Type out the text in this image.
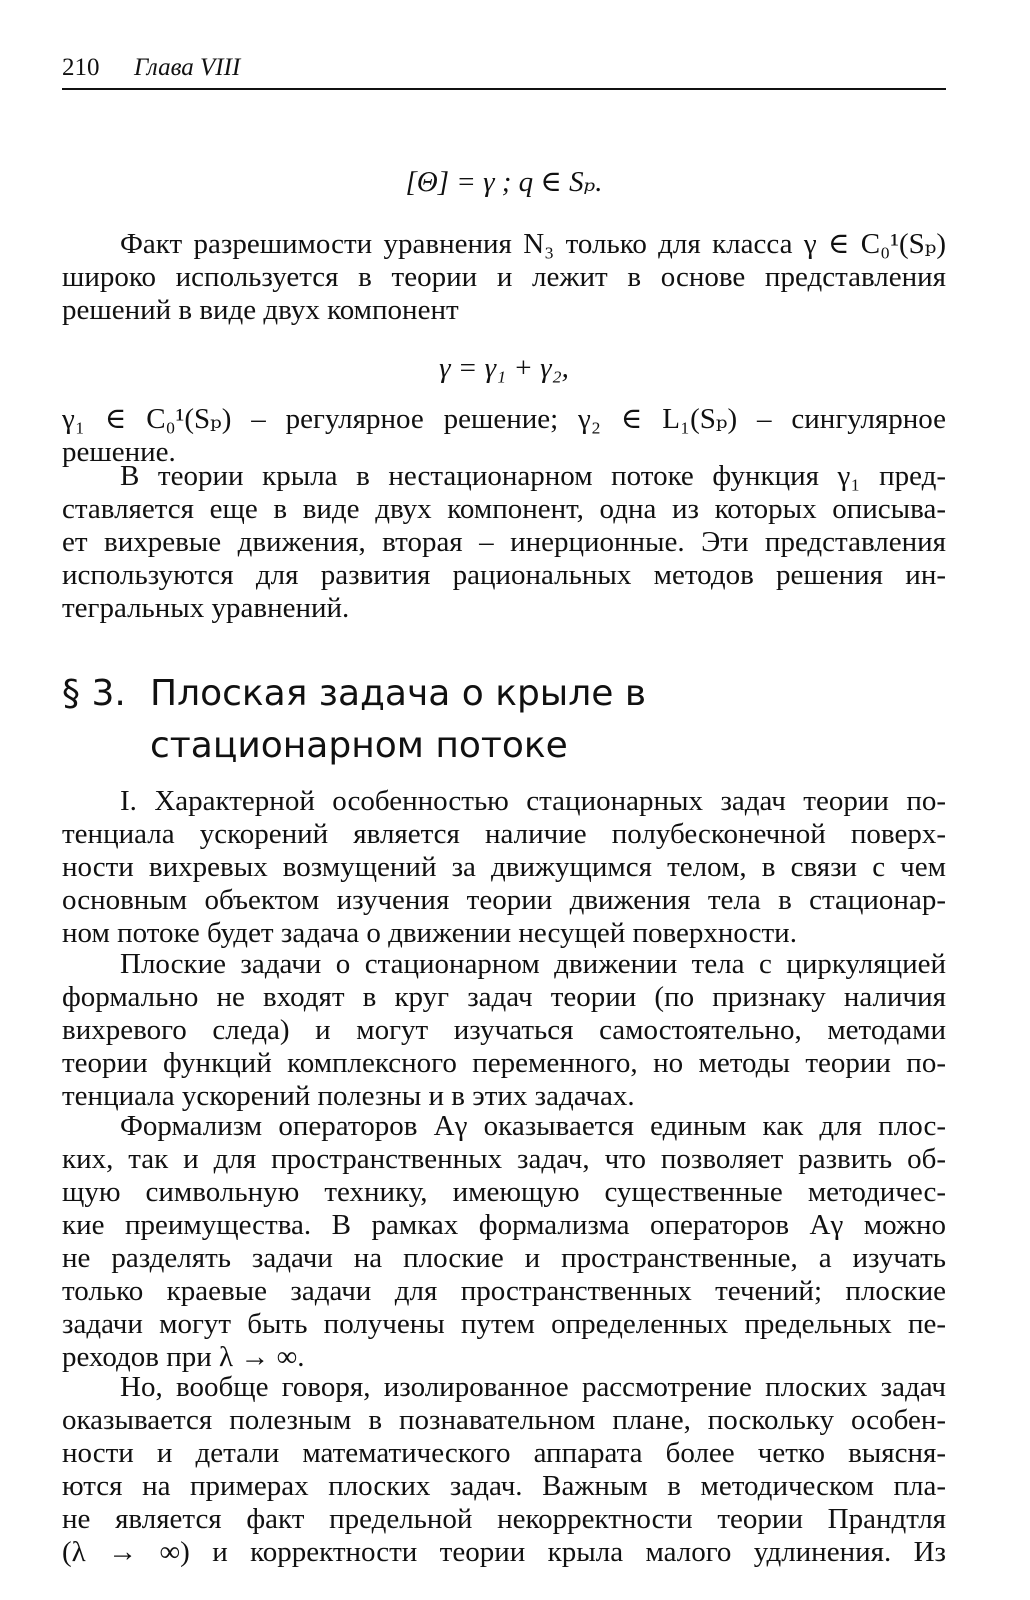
210 Глава VIII
[Θ] = γ ; q ∈ Sₚ.
Факт разрешимости уравнения N₃ только для класса γ ∈ C₀¹(Sₚ)
широко используется в теории и лежит в основе представления
решений в виде двух компонент
γ = γ₁ + γ₂,
γ₁ ∈ C₀¹(Sₚ) – регулярное решение; γ₂ ∈ L₁(Sₚ) – сингулярное
решение.
В теории крыла в нестационарном потоке функция γ₁ пред-
ставляется еще в виде двух компонент, одна из которых описыва-
ет вихревые движения, вторая – инерционные. Эти представления
используются для развития рациональных методов решения ин-
тегральных уравнений.
§ 3. Плоская задача о крыле в
стационарном потоке
I. Характерной особенностью стационарных задач теории по-
тенциала ускорений является наличие полубесконечной поверх-
ности вихревых возмущений за движущимся телом, в связи с чем
основным объектом изучения теории движения тела в стационар-
ном потоке будет задача о движении несущей поверхности.
Плоские задачи о стационарном движении тела с циркуляцией
формально не входят в круг задач теории (по признаку наличия
вихревого следа) и могут изучаться самостоятельно, методами
теории функций комплексного переменного, но методы теории по-
тенциала ускорений полезны и в этих задачах.
Формализм операторов Aγ оказывается единым как для плос-
ких, так и для пространственных задач, что позволяет развить об-
щую символьную технику, имеющую существенные методичес-
кие преимущества. В рамках формализма операторов Aγ можно
не разделять задачи на плоские и пространственные, а изучать
только краевые задачи для пространственных течений; плоские
задачи могут быть получены путем определенных предельных пе-
реходов при λ → ∞.
Но, вообще говоря, изолированное рассмотрение плоских задач
оказывается полезным в познавательном плане, поскольку особен-
ности и детали математического аппарата более четко выясня-
ются на примерах плоских задач. Важным в методическом пла-
не является факт предельной некорректности теории Прандтля
(λ → ∞) и корректности теории крыла малого удлинения. Из
